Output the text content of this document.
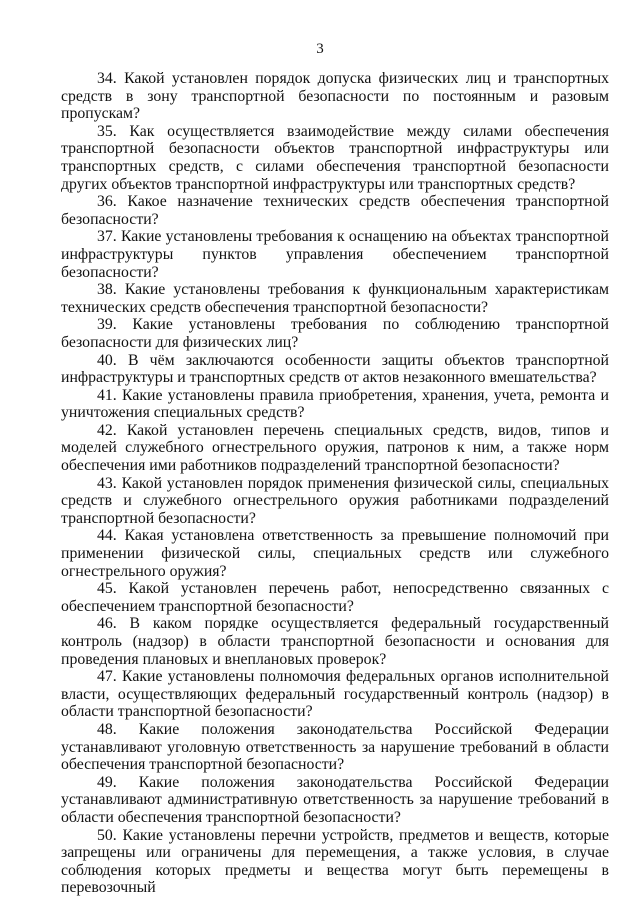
3
34. Какой установлен порядок допуска физических лиц и транспортных средств в зону транспортной безопасности по постоянным и разовым пропускам?
35. Как осуществляется взаимодействие между силами обеспечения транспортной безопасности объектов транспортной инфраструктуры или транспортных средств, с силами обеспечения транспортной безопасности других объектов транспортной инфраструктуры или транспортных средств?
36. Какое назначение технических средств обеспечения транспортной безопасности?
37. Какие установлены требования к оснащению на объектах транспортной инфраструктуры пунктов управления обеспечением транспортной безопасности?
38. Какие установлены требования к функциональным характеристикам технических средств обеспечения транспортной безопасности?
39. Какие установлены требования по соблюдению транспортной безопасности для физических лиц?
40. В чём заключаются особенности защиты объектов транспортной инфраструктуры и транспортных средств от актов незаконного вмешательства?
41. Какие установлены правила приобретения, хранения, учета, ремонта и уничтожения специальных средств?
42. Какой установлен перечень специальных средств, видов, типов и моделей служебного огнестрельного оружия, патронов к ним, а также норм обеспечения ими работников подразделений транспортной безопасности?
43. Какой установлен порядок применения физической силы, специальных средств и служебного огнестрельного оружия работниками подразделений транспортной безопасности?
44. Какая установлена ответственность за превышение полномочий при применении физической силы, специальных средств или служебного огнестрельного оружия?
45. Какой установлен перечень работ, непосредственно связанных с обеспечением транспортной безопасности?
46. В каком порядке осуществляется федеральный государственный контроль (надзор) в области транспортной безопасности и основания для проведения плановых и внеплановых проверок?
47. Какие установлены полномочия федеральных органов исполнительной власти, осуществляющих федеральный государственный контроль (надзор) в области транспортной безопасности?
48. Какие положения законодательства Российской Федерации устанавливают уголовную ответственность за нарушение требований в области обеспечения транспортной безопасности?
49. Какие положения законодательства Российской Федерации устанавливают административную ответственность за нарушение требований в области обеспечения транспортной безопасности?
50. Какие установлены перечни устройств, предметов и веществ, которые запрещены или ограничены для перемещения, а также условия, в случае соблюдения которых предметы и вещества могут быть перемещены в перевозочный
